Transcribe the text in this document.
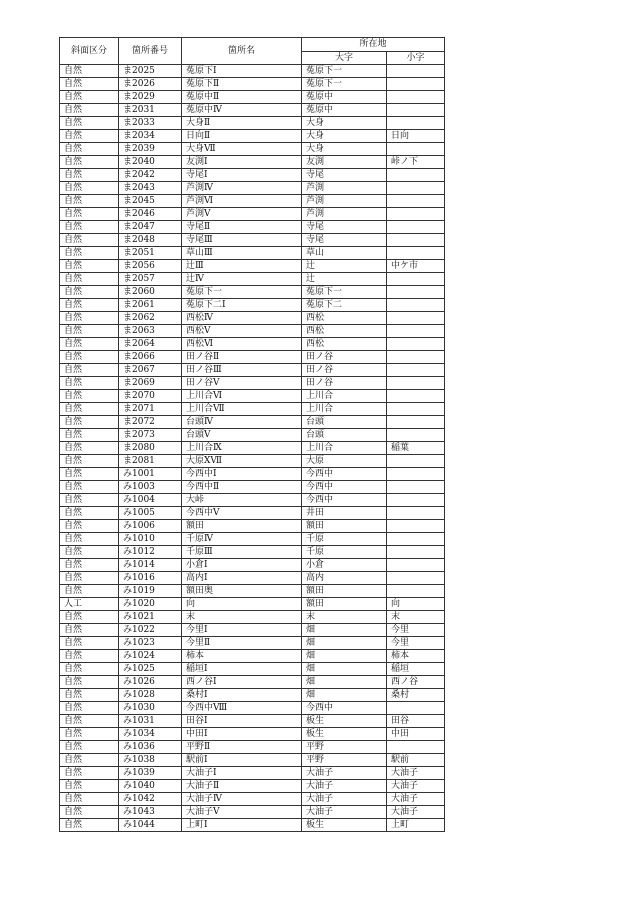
斜面区分	箇所番号	箇所名	所在地	
			大字	小字
自然	ま2025	菟原下Ⅰ	菟原下一	
自然	ま2026	菟原下Ⅱ	菟原下一	
自然	ま2029	菟原中Ⅱ	菟原中	
自然	ま2031	菟原中Ⅳ	菟原中	
自然	ま2033	大身Ⅱ	大身	
自然	ま2034	日向Ⅱ	大身	日向
自然	ま2039	大身Ⅶ	大身	
自然	ま2040	友渕Ⅰ	友渕	峠ノ下
自然	ま2042	寺尾Ⅰ	寺尾	
自然	ま2043	芦渕Ⅳ	芦渕	
自然	ま2045	芦渕Ⅵ	芦渕	
自然	ま2046	芦渕Ⅴ	芦渕	
自然	ま2047	寺尾Ⅱ	寺尾	
自然	ま2048	寺尾Ⅲ	寺尾	
自然	ま2051	草山Ⅲ	草山	
自然	ま2056	辻Ⅲ	辻	中ケ市
自然	ま2057	辻Ⅳ	辻	
自然	ま2060	菟原下一	菟原下一	
自然	ま2061	菟原下二Ⅰ	菟原下二	
自然	ま2062	西松Ⅳ	西松	
自然	ま2063	西松Ⅴ	西松	
自然	ま2064	西松Ⅵ	西松	
自然	ま2066	田ノ谷Ⅱ	田ノ谷	
自然	ま2067	田ノ谷Ⅲ	田ノ谷	
自然	ま2069	田ノ谷Ⅴ	田ノ谷	
自然	ま2070	上川合Ⅵ	上川合	
自然	ま2071	上川合Ⅶ	上川合	
自然	ま2072	台頭Ⅳ	台頭	
自然	ま2073	台頭Ⅴ	台頭	
自然	ま2080	上川合Ⅸ	上川合	稲葉
自然	ま2081	大原ⅩⅦ	大原	
自然	み1001	今西中Ⅰ	今西中	
自然	み1003	今西中Ⅱ	今西中	
自然	み1004	大峠	今西中	
自然	み1005	今西中Ⅴ	井田	
自然	み1006	額田	額田	
自然	み1010	千原Ⅳ	千原	
自然	み1012	千原Ⅲ	千原	
自然	み1014	小倉Ⅰ	小倉	
自然	み1016	高内Ⅰ	高内	
自然	み1019	額田奥	額田	
人工	み1020	向	額田	向
自然	み1021	末	末	末
自然	み1022	今里Ⅰ	畑	今里
自然	み1023	今里Ⅱ	畑	今里
自然	み1024	柿本	畑	柿本
自然	み1025	稲垣Ⅰ	畑	稲垣
自然	み1026	西ノ谷Ⅰ	畑	西ノ谷
自然	み1028	桑村Ⅰ	畑	桑村
自然	み1030	今西中Ⅷ	今西中	
自然	み1031	田谷Ⅰ	板生	田谷
自然	み1034	中田Ⅰ	板生	中田
自然	み1036	平野Ⅱ	平野	
自然	み1038	駅前Ⅰ	平野	駅前
自然	み1039	大油子Ⅰ	大油子	大油子
自然	み1040	大油子Ⅱ	大油子	大油子
自然	み1042	大油子Ⅳ	大油子	大油子
自然	み1043	大油子Ⅴ	大油子	大油子
自然	み1044	上町Ⅰ	板生	上町
